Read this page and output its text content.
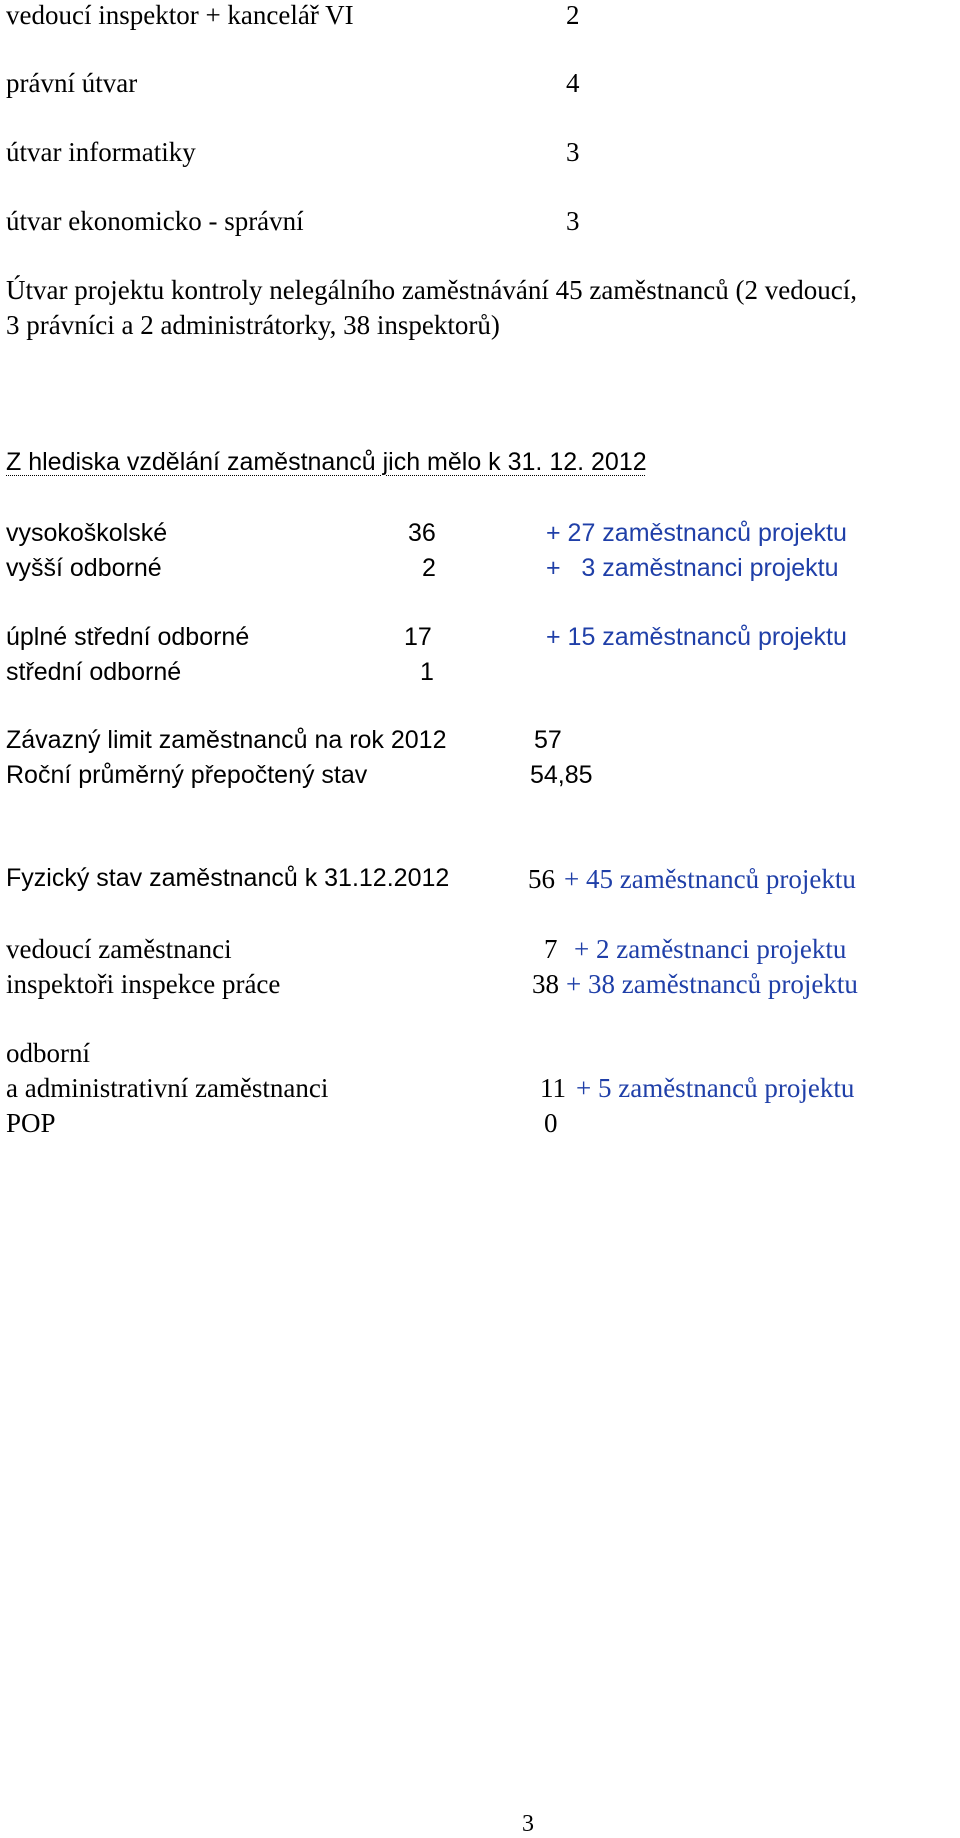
vedoucí inspektor + kancelář VI	2
právní útvar	4
útvar informatiky	3
útvar ekonomicko - správní	3
Útvar projektu kontroly nelegálního zaměstnávání 45 zaměstnanců (2 vedoucí,
3 právníci a 2 administrátorky, 38 inspektorů)
Z hlediska vzdělání zaměstnanců jich mělo k 31. 12. 2012
vysokoškolské	36	+ 27 zaměstnanců projektu
vyšší odborné	2	+   3 zaměstnanci projektu
úplné střední odborné	17	+ 15 zaměstnanců projektu
střední odborné	1
Závazný limit zaměstnanců na rok 2012	57
Roční průměrný přepočtený stav	54,85
Fyzický stav zaměstnanců k 31.12.2012	56 + 45 zaměstnanců projektu
vedoucí zaměstnanci	7 + 2 zaměstnanci projektu
inspektoři inspekce práce	38 + 38 zaměstnanců projektu
odborní
a administrativní zaměstnanci	11 + 5 zaměstnanců projektu
POP	0
3
